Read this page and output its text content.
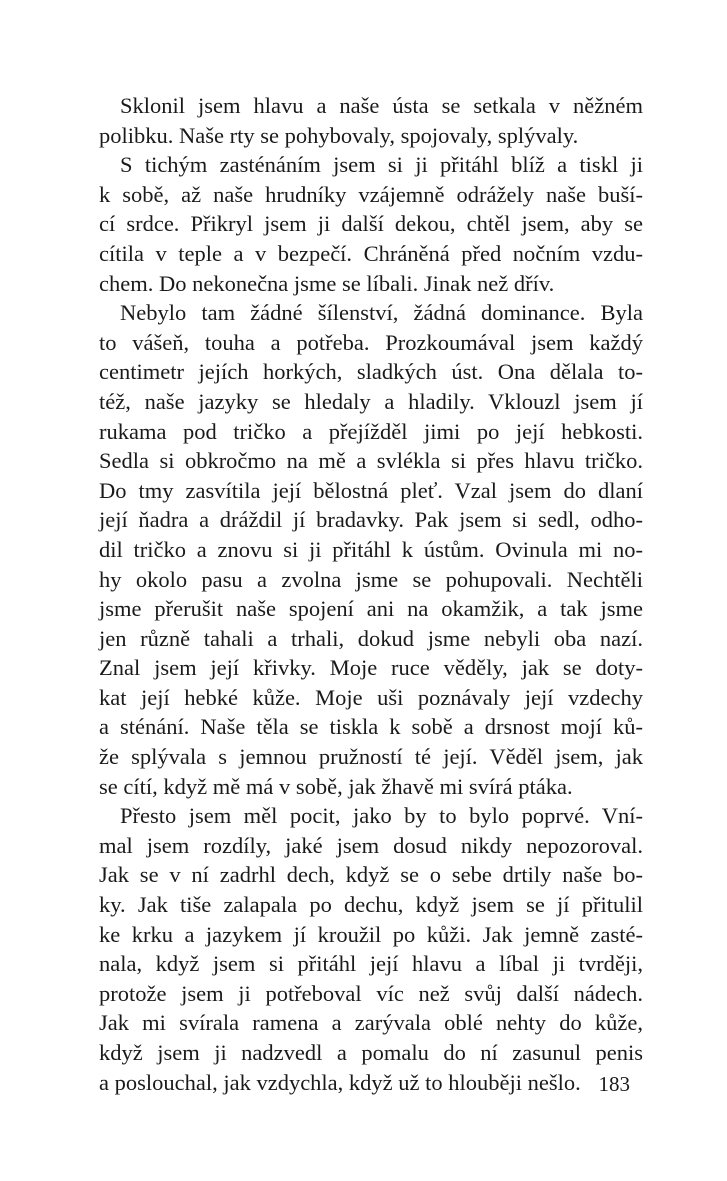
Sklonil jsem hlavu a naše ústa se setkala v něžném
polibku. Naše rty se pohybovaly, spojovaly, splývaly.
S tichým zasténáním jsem si ji přitáhl blíž a tiskl ji
k sobě, až naše hrudníky vzájemně odrážely naše buší-
cí srdce. Přikryl jsem ji další dekou, chtěl jsem, aby se
cítila v teple a v bezpečí. Chráněná před nočním vzdu-
chem. Do nekonečna jsme se líbali. Jinak než dřív.
Nebylo tam žádné šílenství, žádná dominance. Byla
to vášeň, touha a potřeba. Prozkoumával jsem každý
centimetr jejích horkých, sladkých úst. Ona dělala to-
též, naše jazyky se hledaly a hladily. Vklouzl jsem jí
rukama pod tričko a přejížděl jimi po její hebkosti.
Sedla si obkročmo na mě a svlékla si přes hlavu tričko.
Do tmy zasvítila její bělostná pleť. Vzal jsem do dlaní
její ňadra a dráždil jí bradavky. Pak jsem si sedl, odho-
dil tričko a znovu si ji přitáhl k ústům. Ovinula mi no-
hy okolo pasu a zvolna jsme se pohupovali. Nechtěli
jsme přerušit naše spojení ani na okamžik, a tak jsme
jen různě tahali a trhali, dokud jsme nebyli oba nazí.
Znal jsem její křivky. Moje ruce věděly, jak se doty-
kat její hebké kůže. Moje uši poznávaly její vzdechy
a sténání. Naše těla se tiskla k sobě a drsnost mojí ků-
že splývala s jemnou pružností té její. Věděl jsem, jak
se cítí, když mě má v sobě, jak žhavě mi svírá ptáka.
Přesto jsem měl pocit, jako by to bylo poprvé. Vní-
mal jsem rozdíly, jaké jsem dosud nikdy nepozoroval.
Jak se v ní zadrhl dech, když se o sebe drtily naše bo-
ky. Jak tiše zalapala po dechu, když jsem se jí přitulil
ke krku a jazykem jí kroužil po kůži. Jak jemně zasté-
nala, když jsem si přitáhl její hlavu a líbal ji tvrději,
protože jsem ji potřeboval víc než svůj další nádech.
Jak mi svírala ramena a zarývala oblé nehty do kůže,
když jsem ji nadzvedl a pomalu do ní zasunul penis
a poslouchal, jak vzdychla, když už to hlouběji nešlo. 183
